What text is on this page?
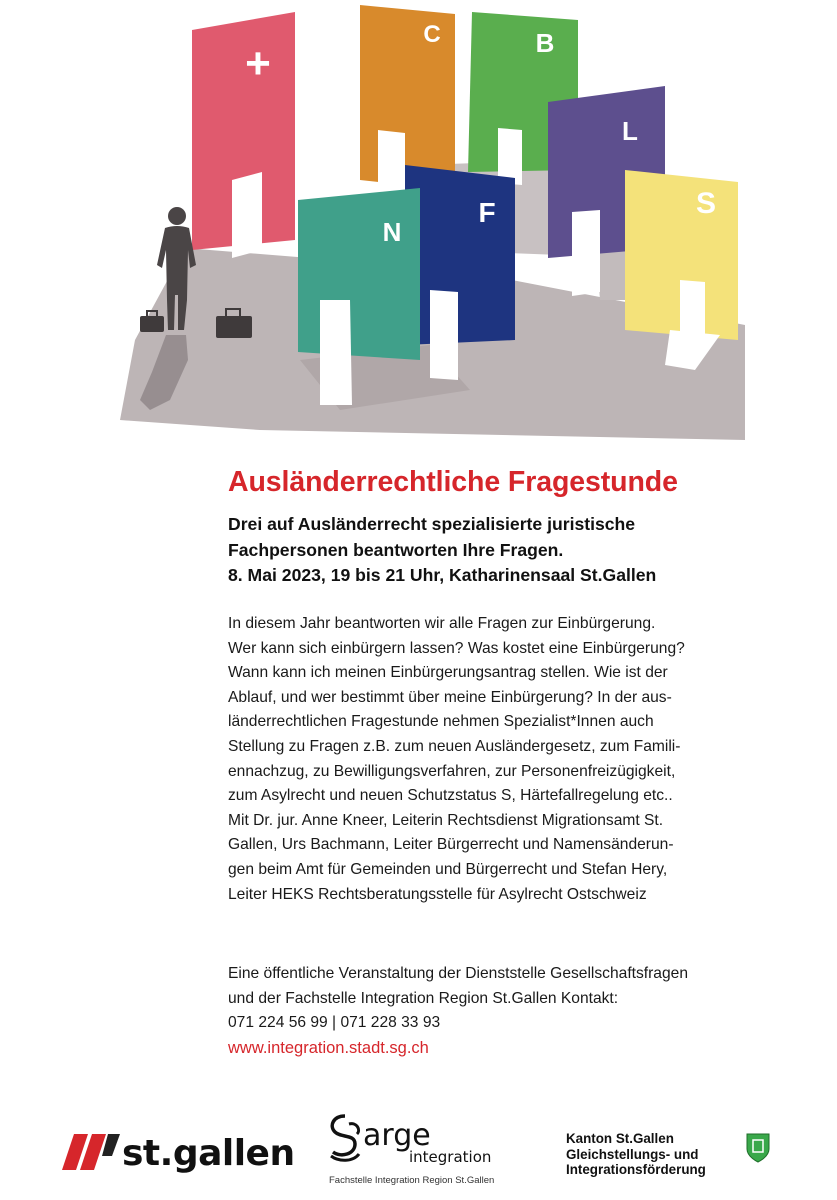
+
C	B
L
F
N
S
Ausländerrechtliche Fragestunde
Drei auf Ausländerrecht spezialisierte juristische
Fachpersonen beantworten Ihre Fragen.
8. Mai 2023, 19 bis 21 Uhr, Katharinensaal St.Gallen
In diesem Jahr beantworten wir alle Fragen zur Einbürgerung.
Wer kann sich einbürgern lassen? Was kostet eine Einbürgerung?
Wann kann ich meinen Einbürgerungsantrag stellen. Wie ist der
Ablauf, und wer bestimmt über meine Einbürgerung? In der aus-
länderrechtlichen Fragestunde nehmen Spezialist*Innen auch
Stellung zu Fragen z.B. zum neuen Ausländergesetz, zum Famili-
ennachzug, zu Bewilligungsverfahren, zur Personenfreizügigkeit,
zum Asylrecht und neuen Schutzstatus S, Härtefallregelung etc..
Mit Dr. jur. Anne Kneer, Leiterin Rechtsdienst Migrationsamt St.
Gallen, Urs Bachmann, Leiter Bürgerrecht und Namensänderun-
gen beim Amt für Gemeinden und Bürgerrecht und Stefan Hery,
Leiter HEKS Rechtsberatungsstelle für Asylrecht Ostschweiz
Eine öffentliche Veranstaltung der Dienststelle Gesellschaftsfragen
und der Fachstelle Integration Region St.Gallen Kontakt:
071 224 56 99 | 071 228 33 93
www.integration.stadt.sg.ch
st.gallen arge
integration
Fachstelle Integration Region St.Gallen
Kanton St.Gallen
Gleichstellungs- und
Integrationsförderung
